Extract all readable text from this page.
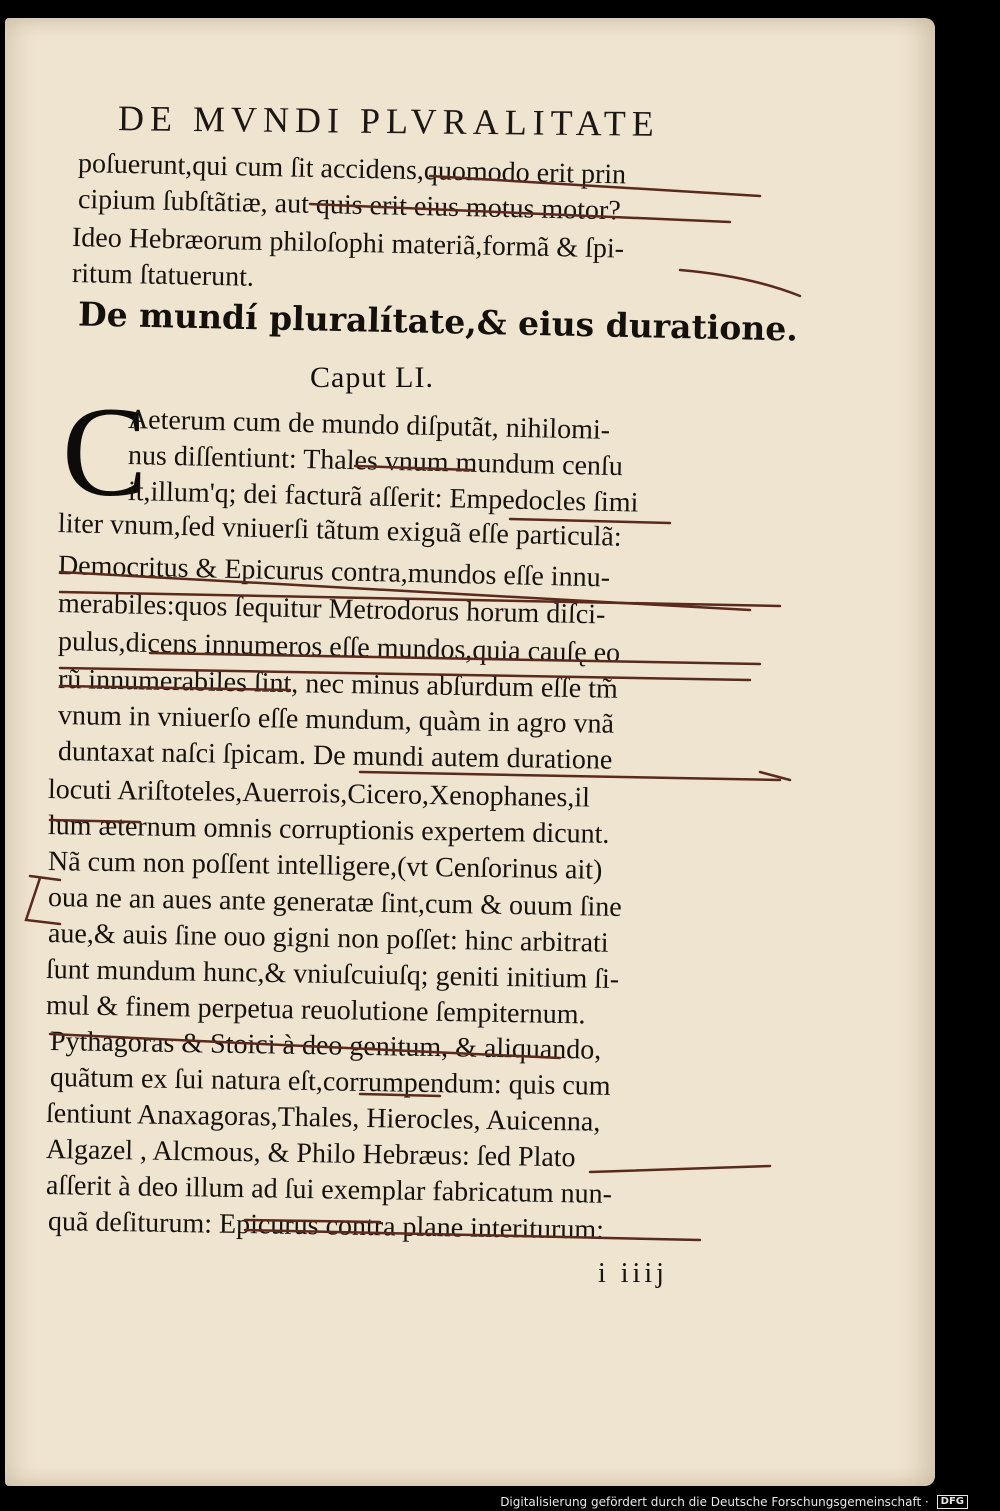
DE MVNDI PLVRALITATE
poſuerunt,qui cum ſit accidens,quomodo erit prin
cipium ſubſtãtiæ, aut quis erit eius motus motor?
Ideo Hebræorum philoſophi materiã,formã & ſpi-
ritum ſtatuerunt.
De mundí pluralítate,& eius duratione.
Caput LI.
C
Aeterum cum de mundo diſputãt, nihilomi-
nus diſſentiunt: Thales vnum mundum cenſu
it,illum'q; dei facturã aſſerit: Empedocles ſimi
liter vnum,ſed vniuerſi tãtum exiguã eſſe particulã:
Democritus & Epicurus contra,mundos eſſe innu-
merabiles:quos ſequitur Metrodorus horum diſci-
pulus,dicens innumeros eſſe mundos,quia cauſę eo
rũ innumerabiles ſint, nec minus abſurdum eſſe tm̃
vnum in vniuerſo eſſe mundum, quàm in agro vnã
duntaxat naſci ſpicam. De mundi autem duratione
locuti Ariſtoteles,Auerrois,Cicero,Xenophanes,il
lum æternum omnis corruptionis expertem dicunt.
Nã cum non poſſent intelligere,(vt Cenſorinus ait)
oua ne an aues ante generatæ ſint,cum & ouum ſine
aue,& auis ſine ouo gigni non poſſet: hinc arbitrati
ſunt mundum hunc,& vniuſcuiuſq; geniti initium ſi-
mul & finem perpetua reuolutione ſempiternum.
Pythagoras & Stoici à deo genitum, & aliquando,
quãtum ex ſui natura eſt,corrumpendum: quis cum
ſentiunt Anaxagoras,Thales, Hierocles, Auicenna,
Algazel , Alcmous, & Philo Hebræus: ſed Plato
aſſerit à deo illum ad ſui exemplar fabricatum nun-
quã deſiturum: Epicurus contra plane interiturum:
i iiij
Digitalisierung gefördert durch die Deutsche Forschungsgemeinschaft · DFG
